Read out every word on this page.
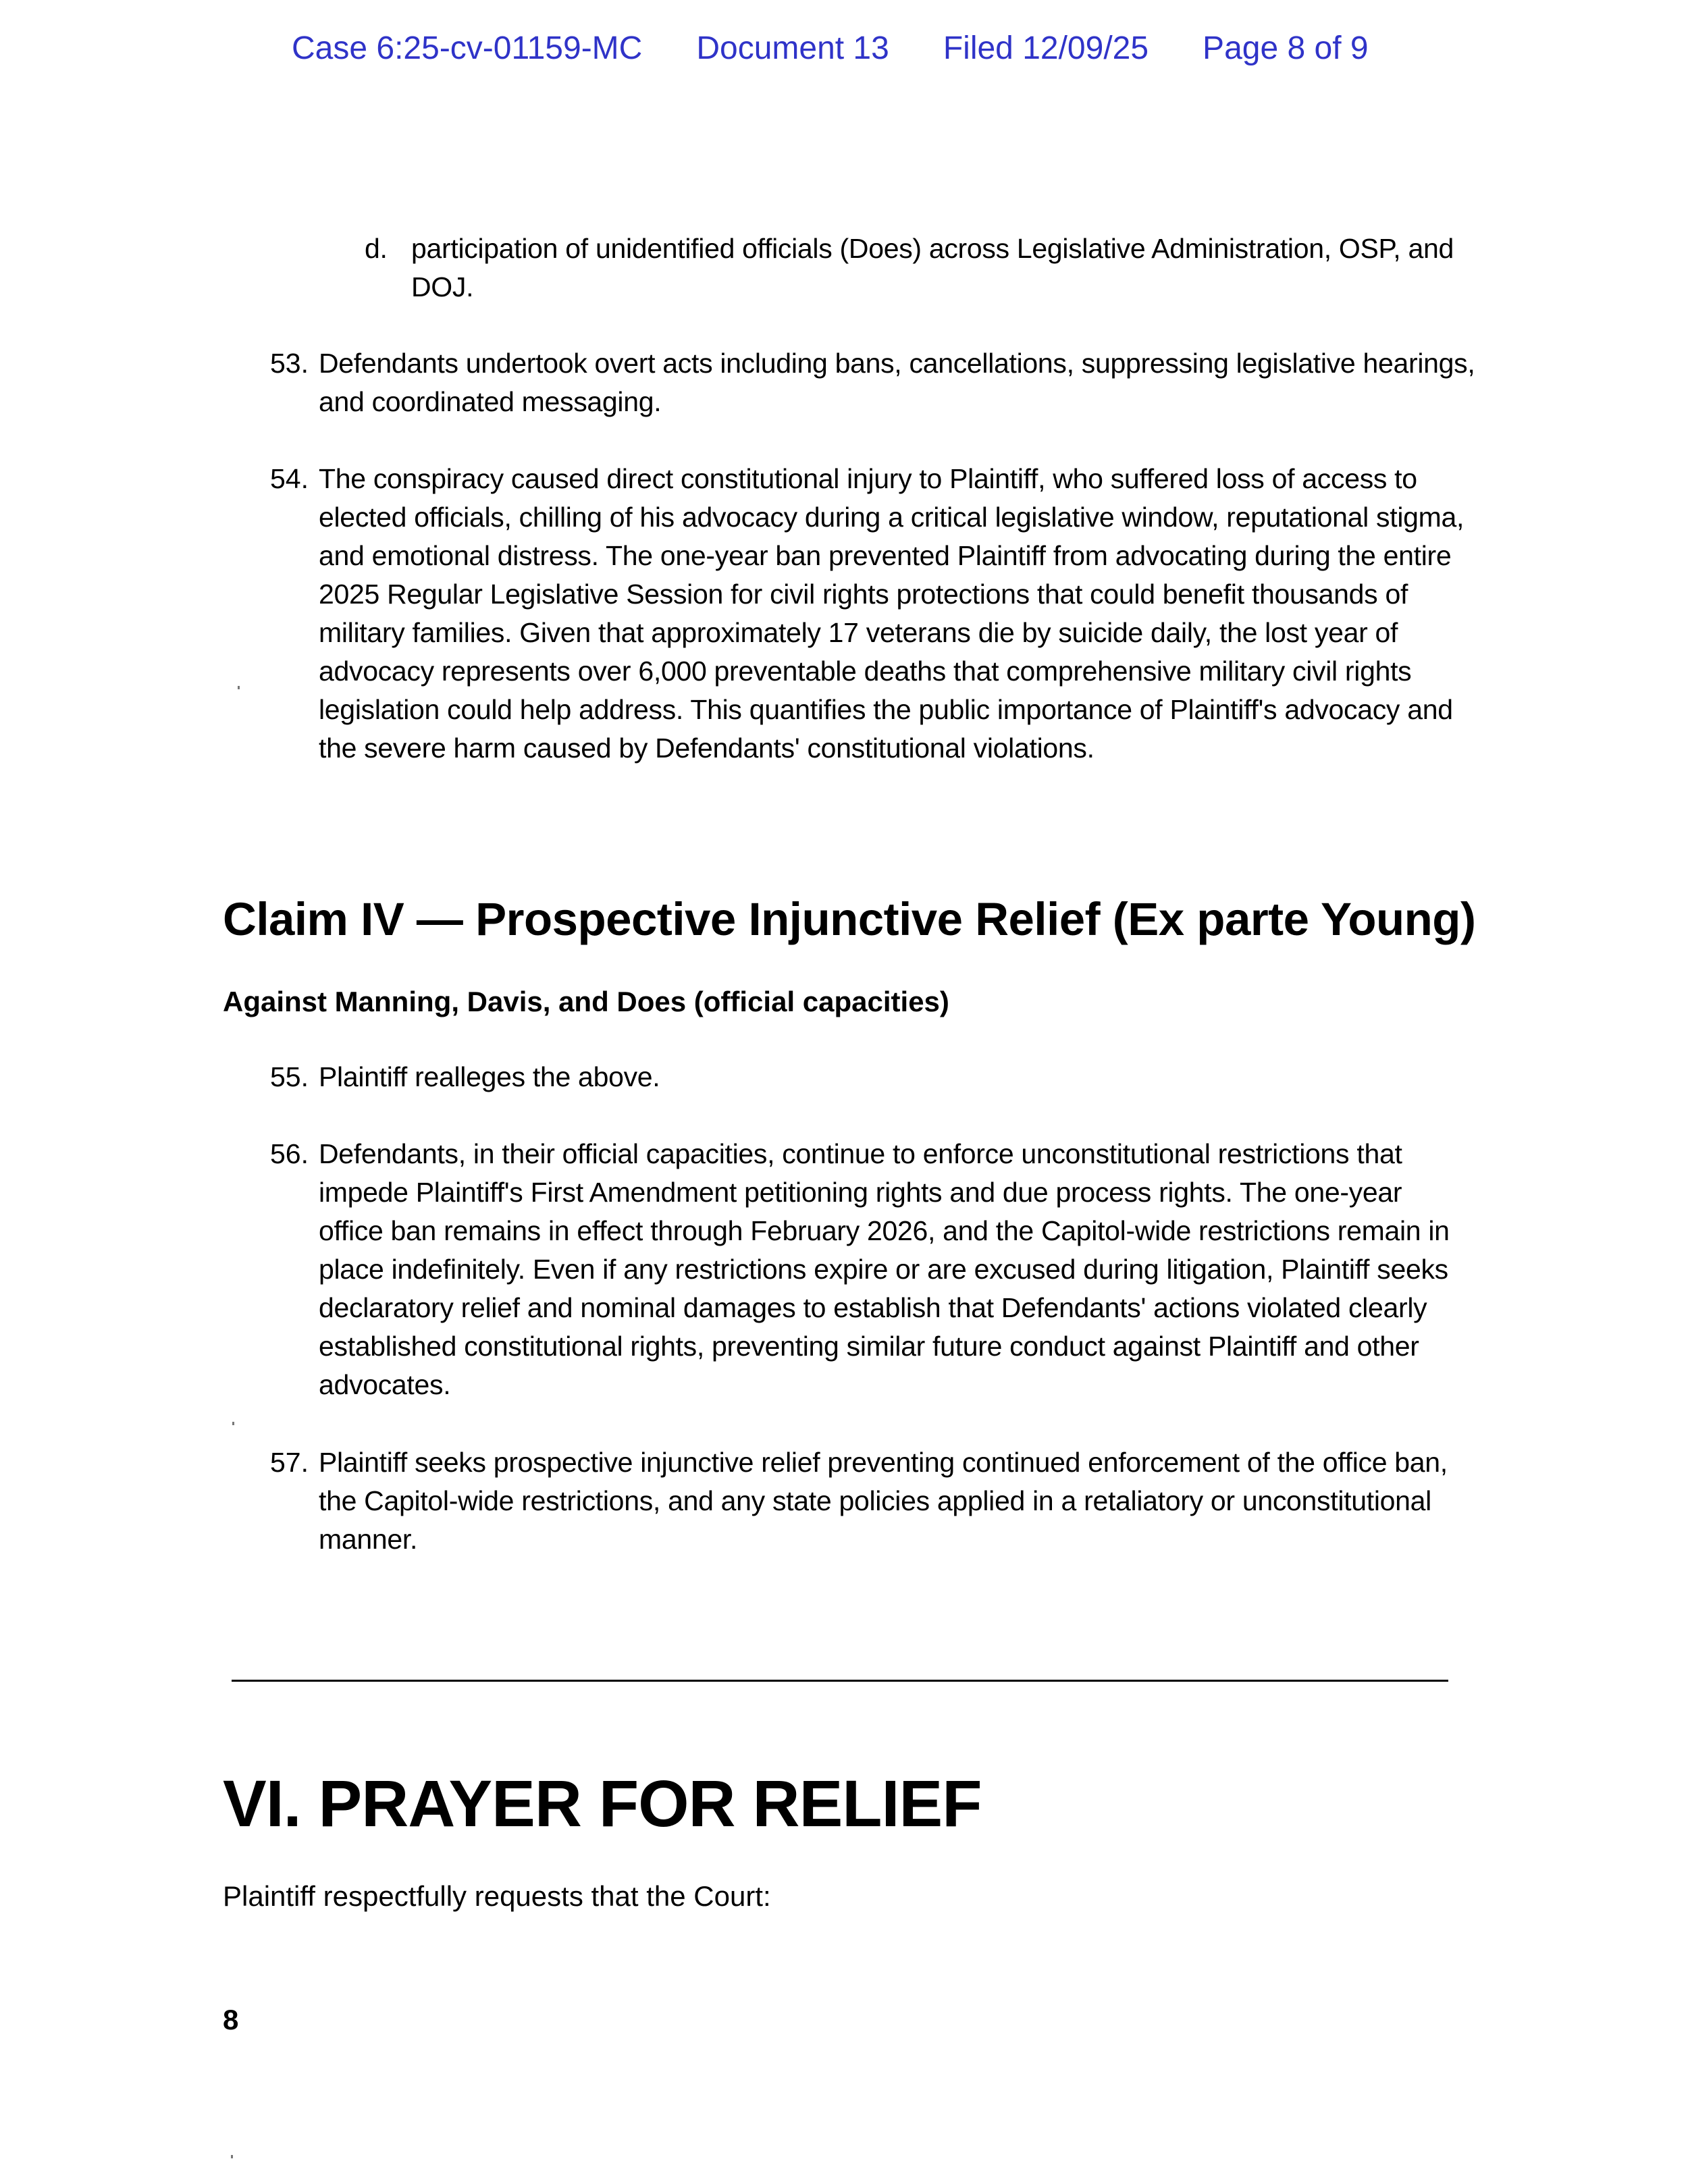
Case 6:25-cv-01159-MC Document 13 Filed 12/09/25 Page 8 of 9
d. participation of unidentified officials (Does) across Legislative Administration, OSP, and DOJ.
53. Defendants undertook overt acts including bans, cancellations, suppressing legislative hearings, and coordinated messaging.
54. The conspiracy caused direct constitutional injury to Plaintiff, who suffered loss of access to elected officials, chilling of his advocacy during a critical legislative window, reputational stigma, and emotional distress. The one-year ban prevented Plaintiff from advocating during the entire 2025 Regular Legislative Session for civil rights protections that could benefit thousands of military families. Given that approximately 17 veterans die by suicide daily, the lost year of advocacy represents over 6,000 preventable deaths that comprehensive military civil rights legislation could help address. This quantifies the public importance of Plaintiff's advocacy and the severe harm caused by Defendants' constitutional violations.
Claim IV — Prospective Injunctive Relief (Ex parte Young)
Against Manning, Davis, and Does (official capacities)
55. Plaintiff realleges the above.
56. Defendants, in their official capacities, continue to enforce unconstitutional restrictions that impede Plaintiff's First Amendment petitioning rights and due process rights. The one-year office ban remains in effect through February 2026, and the Capitol-wide restrictions remain in place indefinitely. Even if any restrictions expire or are excused during litigation, Plaintiff seeks declaratory relief and nominal damages to establish that Defendants' actions violated clearly established constitutional rights, preventing similar future conduct against Plaintiff and other advocates.
57. Plaintiff seeks prospective injunctive relief preventing continued enforcement of the office ban, the Capitol-wide restrictions, and any state policies applied in a retaliatory or unconstitutional manner.
VI. PRAYER FOR RELIEF
Plaintiff respectfully requests that the Court:
8
